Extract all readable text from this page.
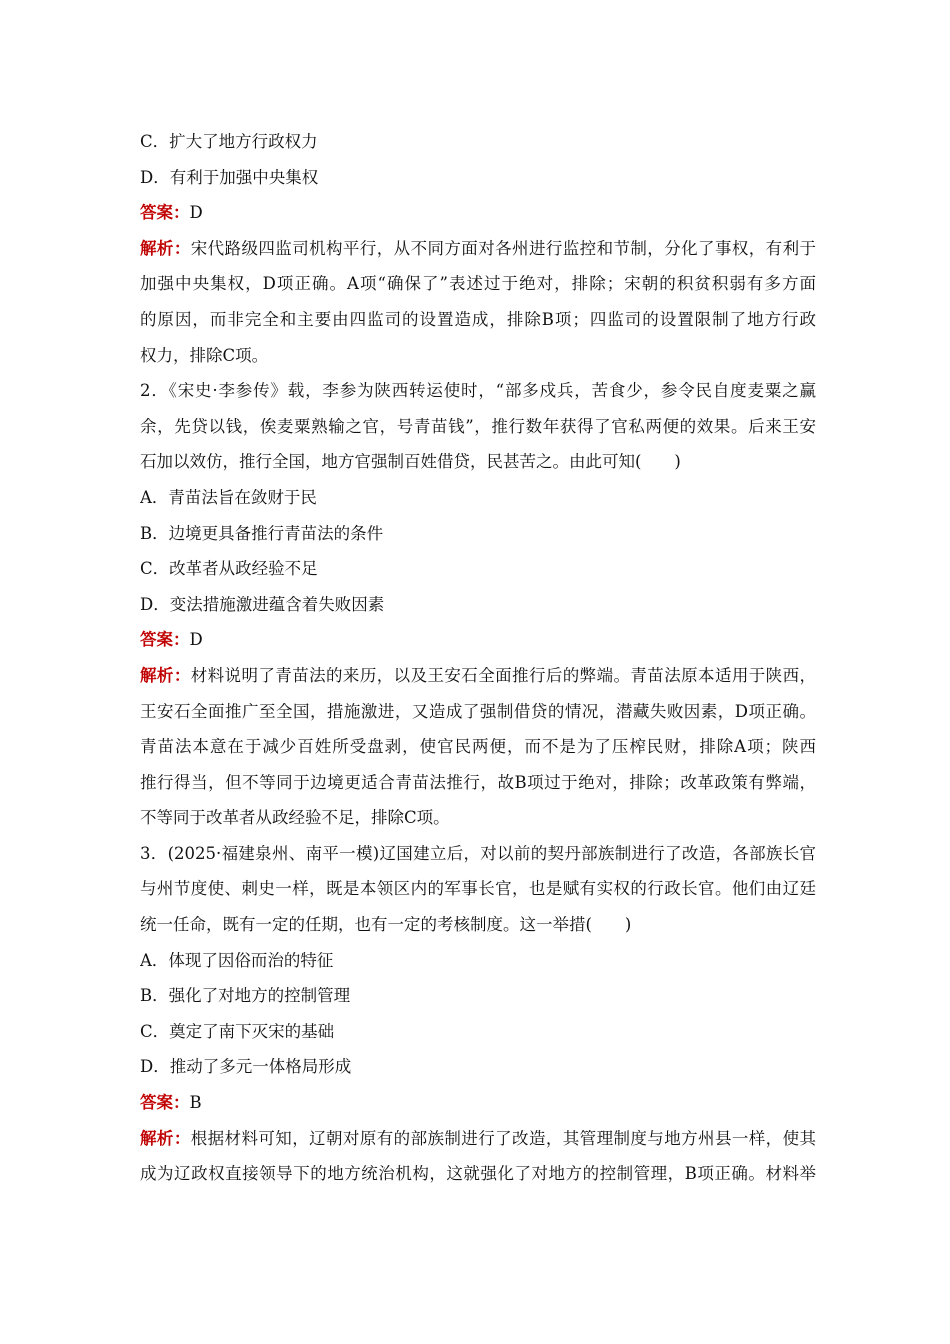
C．扩大了地方行政权力
D．有利于加强中央集权
答案：D
解析：宋代路级四监司机构平行，从不同方面对各州进行监控和节制，分化了事权，有利于
加强中央集权，D项正确。A项“确保了”表述过于绝对，排除；宋朝的积贫积弱有多方面
的原因，而非完全和主要由四监司的设置造成，排除B项；四监司的设置限制了地方行政
权力，排除C项。
2．《宋史·李参传》载，李参为陕西转运使时，“部多戍兵，苦食少，参令民自度麦粟之赢
余，先贷以钱，俟麦粟熟输之官，号青苗钱”，推行数年获得了官私两便的效果。后来王安
石加以效仿，推行全国，地方官强制百姓借贷，民甚苦之。由此可知(　　)
A．青苗法旨在敛财于民
B．边境更具备推行青苗法的条件
C．改革者从政经验不足
D．变法措施激进蕴含着失败因素
答案：D
解析：材料说明了青苗法的来历，以及王安石全面推行后的弊端。青苗法原本适用于陕西，
王安石全面推广至全国，措施激进，又造成了强制借贷的情况，潜藏失败因素，D项正确。
青苗法本意在于减少百姓所受盘剥，使官民两便，而不是为了压榨民财，排除A项；陕西
推行得当，但不等同于边境更适合青苗法推行，故B项过于绝对，排除；改革政策有弊端，
不等同于改革者从政经验不足，排除C项。
3．(2025·福建泉州、南平一模)辽国建立后，对以前的契丹部族制进行了改造，各部族长官
与州节度使、刺史一样，既是本领区内的军事长官，也是赋有实权的行政长官。他们由辽廷
统一任命，既有一定的任期，也有一定的考核制度。这一举措(　　)
A．体现了因俗而治的特征
B．强化了对地方的控制管理
C．奠定了南下灭宋的基础
D．推动了多元一体格局形成
答案：B
解析：根据材料可知，辽朝对原有的部族制进行了改造，其管理制度与地方州县一样，使其
成为辽政权直接领导下的地方统治机构，这就强化了对地方的控制管理，B项正确。材料举
